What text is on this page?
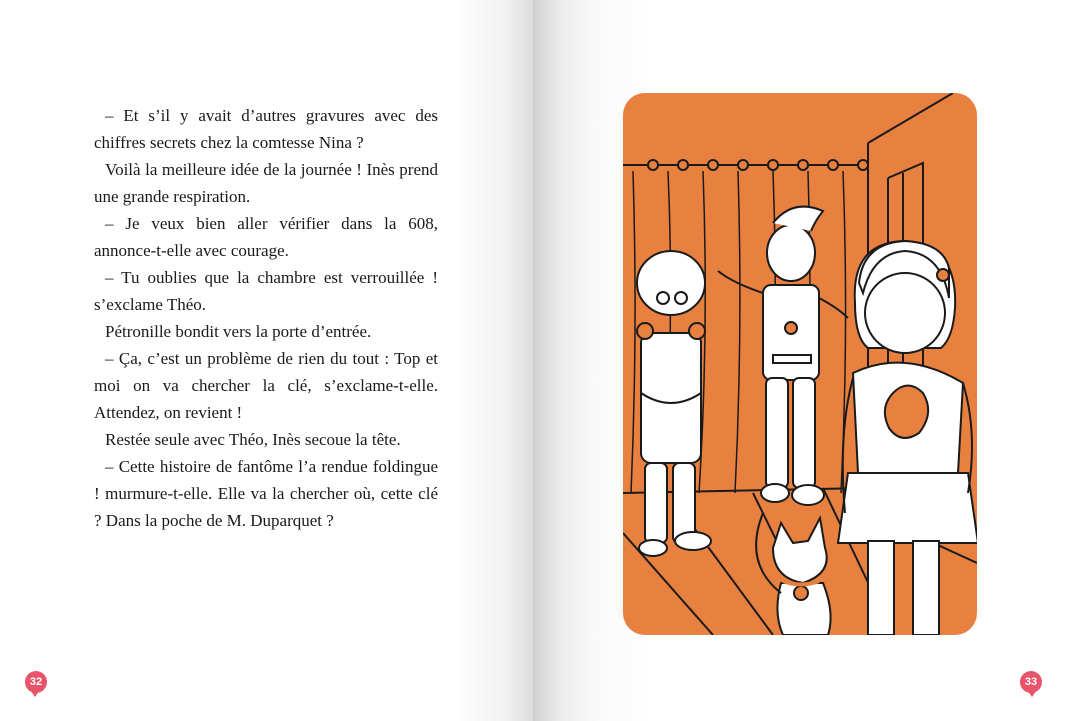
– Et s’il y avait d’autres gravures avec des chiffres secrets chez la comtesse Nina ?

Voilà la meilleure idée de la journée ! Inès prend une grande respiration.

– Je veux bien aller vérifier dans la 608, annonce-t-elle avec courage.

– Tu oublies que la chambre est verrouillée ! s’exclame Théo.

Pétronille bondit vers la porte d’entrée.

– Ça, c’est un problème de rien du tout : Top et moi on va chercher la clé, s’exclame-t-elle. Attendez, on revient !

Restée seule avec Théo, Inès secoue la tête.

– Cette histoire de fantôme l’a rendue foldingue ! murmure-t-elle. Elle va la chercher où, cette clé ? Dans la poche de M. Duparquet ?

32	33
